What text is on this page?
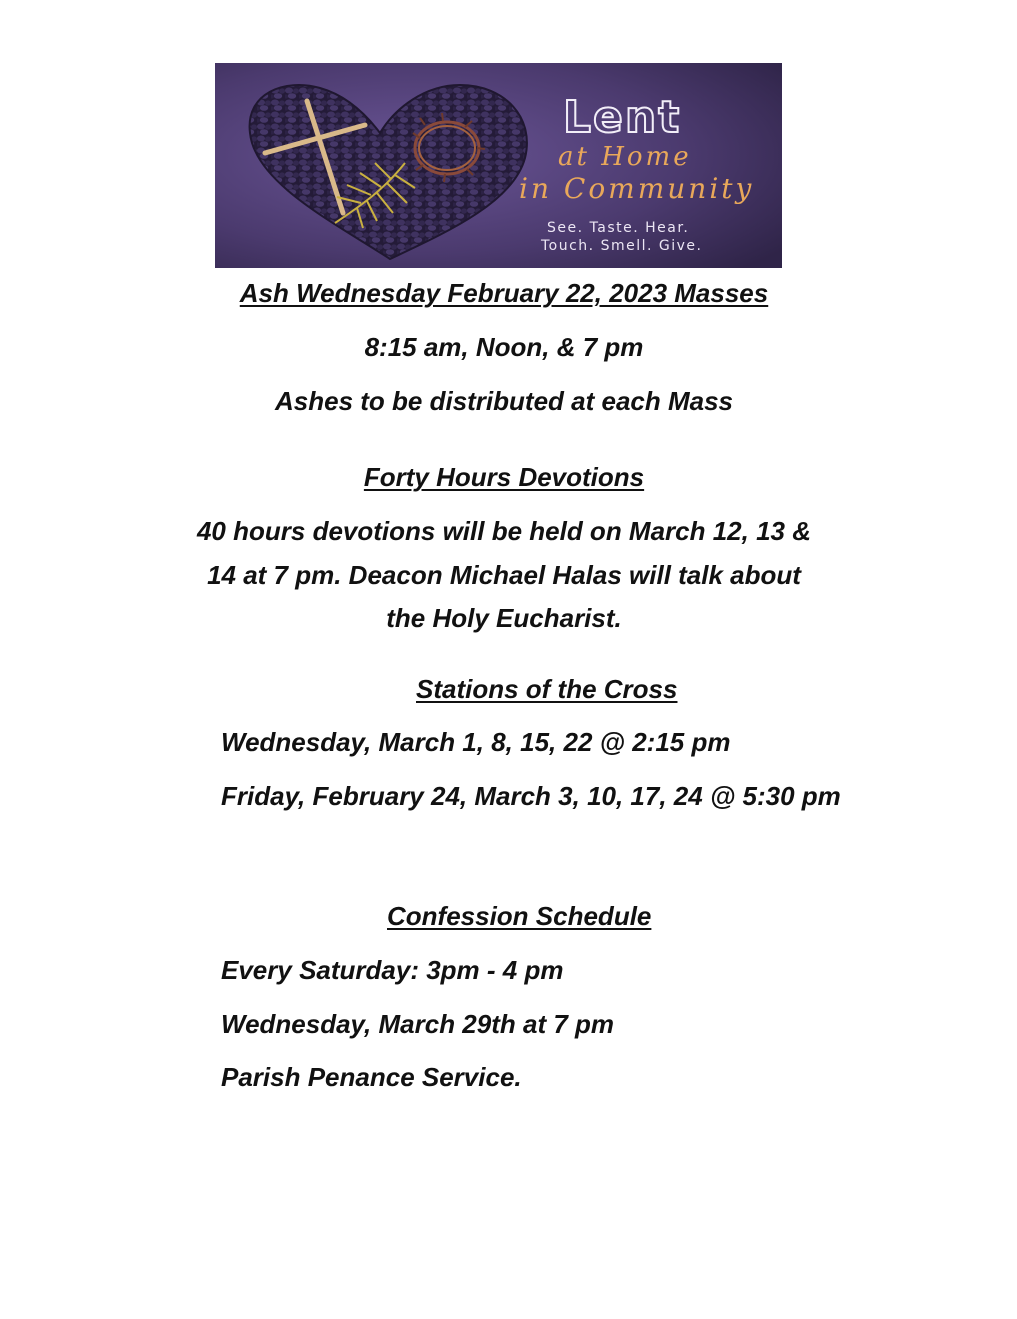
Lent
at Home
in Community
See. Taste. Hear.
Touch. Smell. Give.
Ash Wednesday February 22, 2023 Masses
8:15 am, Noon, & 7 pm
Ashes to be distributed at each Mass
Forty Hours Devotions
40 hours devotions will be held on March 12, 13 &
14 at 7 pm. Deacon Michael Halas will talk about
the Holy Eucharist.
Stations of the Cross
Wednesday, March 1, 8, 15, 22 @ 2:15 pm
Friday, February 24, March 3, 10, 17, 24 @ 5:30 pm
Confession Schedule
Every Saturday: 3pm - 4 pm
Wednesday, March 29th at 7 pm
Parish Penance Service.
